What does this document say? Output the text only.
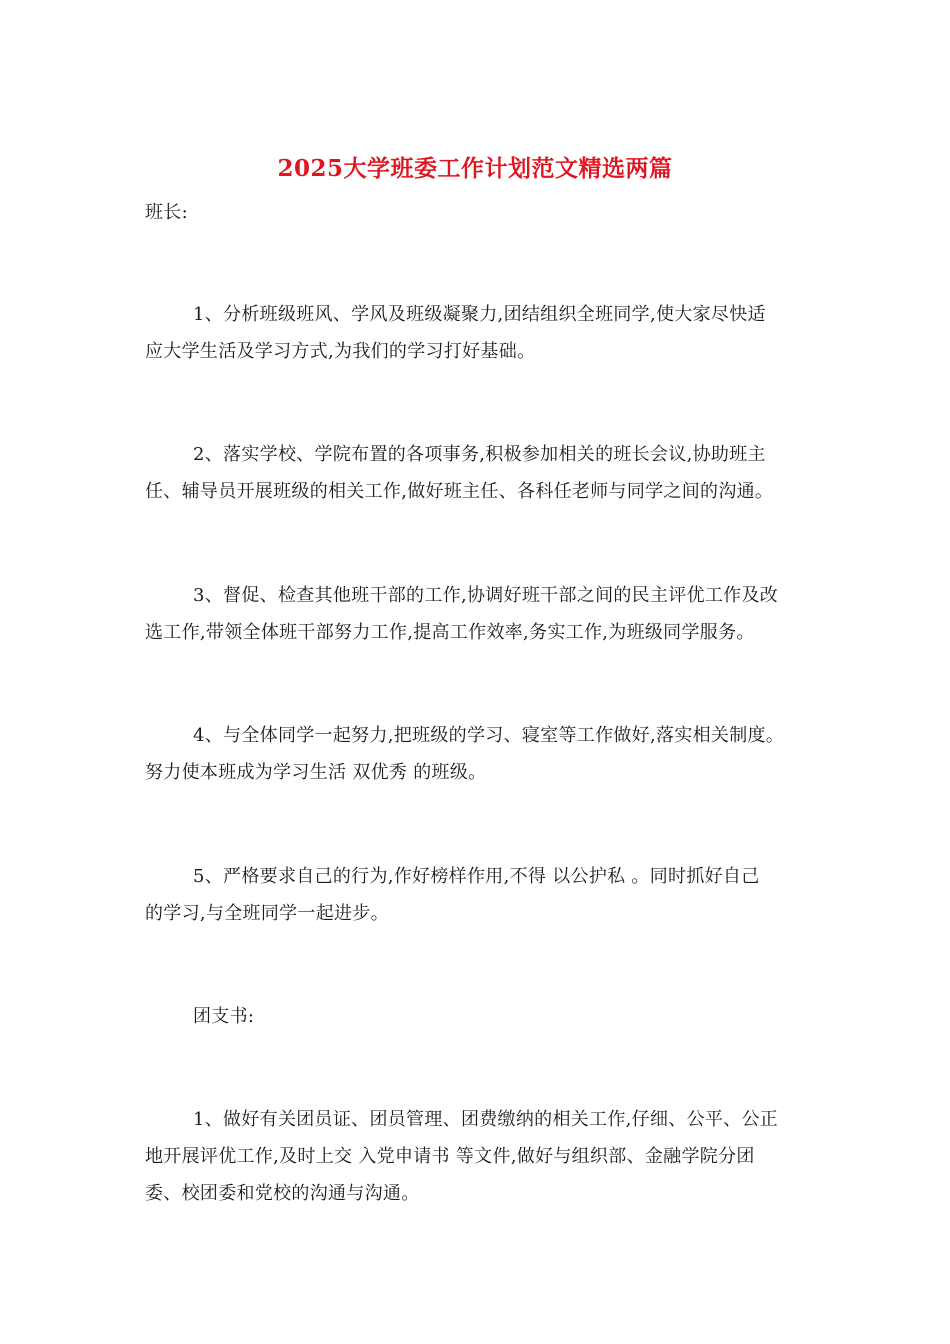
2025大学班委工作计划范文精选两篇
班长:
1、分析班级班风、学风及班级凝聚力,团结组织全班同学,使大家尽快适
应大学生活及学习方式,为我们的学习打好基础。
2、落实学校、学院布置的各项事务,积极参加相关的班长会议,协助班主
任、辅导员开展班级的相关工作,做好班主任、各科任老师与同学之间的沟通。
3、督促、检查其他班干部的工作,协调好班干部之间的民主评优工作及改
选工作,带领全体班干部努力工作,提高工作效率,务实工作,为班级同学服务。
4、与全体同学一起努力,把班级的学习、寝室等工作做好,落实相关制度。
努力使本班成为学习生活 双优秀 的班级。
5、严格要求自己的行为,作好榜样作用,不得 以公护私 。同时抓好自己
的学习,与全班同学一起进步。
团支书:
1、做好有关团员证、团员管理、团费缴纳的相关工作,仔细、公平、公正
地开展评优工作,及时上交 入党申请书 等文件,做好与组织部、金融学院分团
委、校团委和党校的沟通与沟通。
